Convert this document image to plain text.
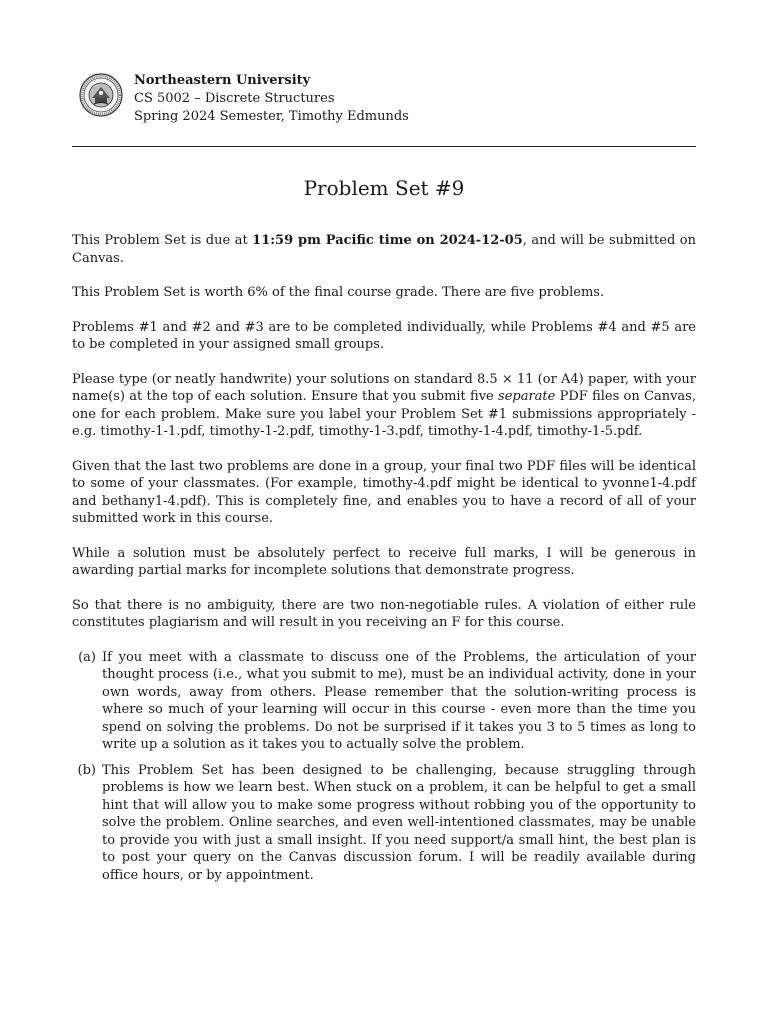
Northeastern University
CS 5002 – Discrete Structures
Spring 2024 Semester, Timothy Edmunds
Problem Set #9

This Problem Set is due at 11:59 pm Pacific time on 2024-12-05, and will be submitted on Canvas.

This Problem Set is worth 6% of the final course grade. There are five problems.

Problems #1 and #2 and #3 are to be completed individually, while Problems #4 and #5 are to be completed in your assigned small groups.

Please type (or neatly handwrite) your solutions on standard 8.5 × 11 (or A4) paper, with your name(s) at the top of each solution. Ensure that you submit five separate PDF files on Canvas, one for each problem. Make sure you label your Problem Set #1 submissions appropriately - e.g. timothy-1-1.pdf, timothy-1-2.pdf, timothy-1-3.pdf, timothy-1-4.pdf, timothy-1-5.pdf.

Given that the last two problems are done in a group, your final two PDF files will be identical to some of your classmates. (For example, timothy-4.pdf might be identical to yvonne1-4.pdf and bethany1-4.pdf). This is completely fine, and enables you to have a record of all of your submitted work in this course.

While a solution must be absolutely perfect to receive full marks, I will be generous in awarding partial marks for incomplete solutions that demonstrate progress.

So that there is no ambiguity, there are two non-negotiable rules. A violation of either rule constitutes plagiarism and will result in you receiving an F for this course.

(a) If you meet with a classmate to discuss one of the Problems, the articulation of your thought process (i.e., what you submit to me), must be an individual activity, done in your own words, away from others. Please remember that the solution-writing process is where so much of your learning will occur in this course - even more than the time you spend on solving the problems. Do not be surprised if it takes you 3 to 5 times as long to write up a solution as it takes you to actually solve the problem.
(b) This Problem Set has been designed to be challenging, because struggling through problems is how we learn best. When stuck on a problem, it can be helpful to get a small hint that will allow you to make some progress without robbing you of the opportunity to solve the problem. Online searches, and even well-intentioned classmates, may be unable to provide you with just a small insight. If you need support/a small hint, the best plan is to post your query on the Canvas discussion forum. I will be readily available during office hours, or by appointment.
